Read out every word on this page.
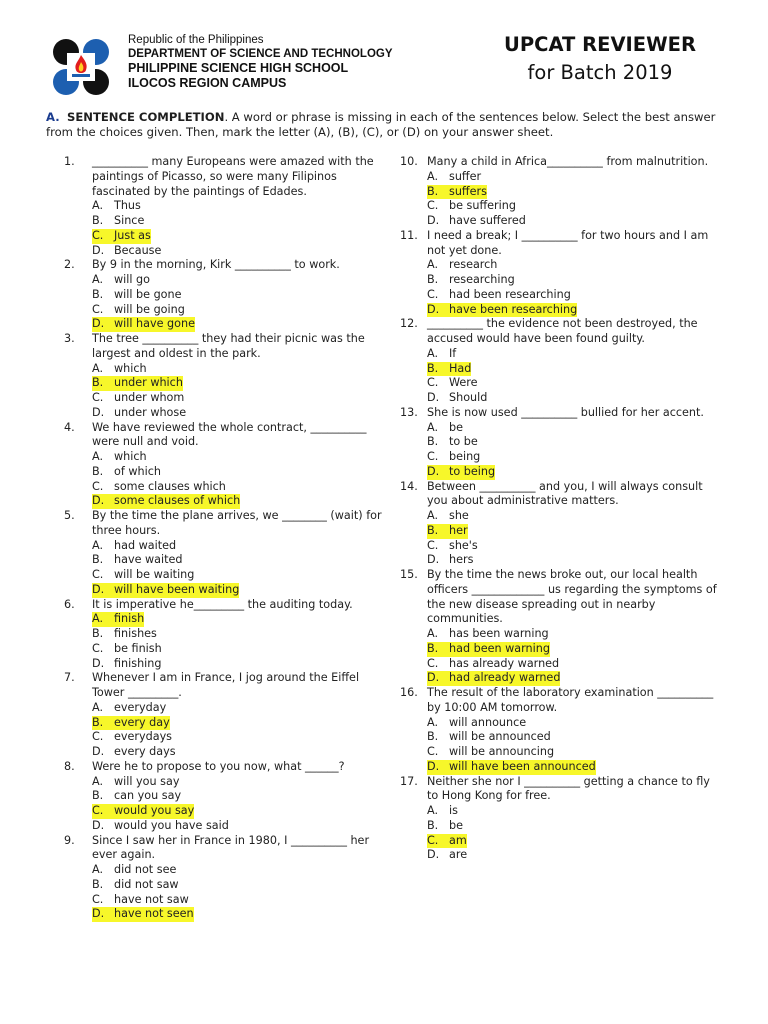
Republic of the Philippines
DEPARTMENT OF SCIENCE AND TECHNOLOGY
PHILIPPINE SCIENCE HIGH SCHOOL
ILOCOS REGION CAMPUS
UPCAT REVIEWER
for Batch 2019
A. SENTENCE COMPLETION. A word or phrase is missing in each of the sentences below. Select the best answer from the choices given. Then, mark the letter (A), (B), (C), or (D) on your answer sheet.
1.	__________ many Europeans were amazed with the paintings of Picasso, so were many Filipinos fascinated by the paintings of Edades.
A. Thus
B. Since
C. Just as
D. Because
2.	By 9 in the morning, Kirk __________ to work.
A. will go
B. will be gone
C. will be going
D. will have gone
3.	The tree __________ they had their picnic was the largest and oldest in the park.
A. which
B. under which
C. under whom
D. under whose
4.	We have reviewed the whole contract, __________ were null and void.
A. which
B. of which
C. some clauses which
D. some clauses of which
5.	By the time the plane arrives, we ________ (wait) for three hours.
A. had waited
B. have waited
C. will be waiting
D. will have been waiting
6.	It is imperative he_________ the auditing today.
A. finish
B. finishes
C. be finish
D. finishing
7.	Whenever I am in France, I jog around the Eiffel Tower _________.
A. everyday
B. every day
C. everydays
D. every days
8.	Were he to propose to you now, what ______?
A. will you say
B. can you say
C. would you say
D. would you have said
9.	Since I saw her in France in 1980, I __________ her ever again.
A. did not see
B. did not saw
C. have not saw
D. have not seen
10. Many a child in Africa__________ from malnutrition.
A. suffer
B. suffers
C. be suffering
D. have suffered
11. I need a break; I __________ for two hours and I am not yet done.
A. research
B. researching
C. had been researching
D. have been researching
12. __________ the evidence not been destroyed, the accused would have been found guilty.
A. If
B. Had
C. Were
D. Should
13. She is now used __________ bullied for her accent.
A. be
B. to be
C. being
D. to being
14. Between __________ and you, I will always consult you about administrative matters.
A. she
B. her
C. she's
D. hers
15. By the time the news broke out, our local health officers _____________ us regarding the symptoms of the new disease spreading out in nearby communities.
A. has been warning
B. had been warning
C. has already warned
D. had already warned
16. The result of the laboratory examination __________ by 10:00 AM tomorrow.
A. will announce
B. will be announced
C. will be announcing
D. will have been announced
17. Neither she nor I __________ getting a chance to fly to Hong Kong for free.
A. is
B. be
C. am
D. are
